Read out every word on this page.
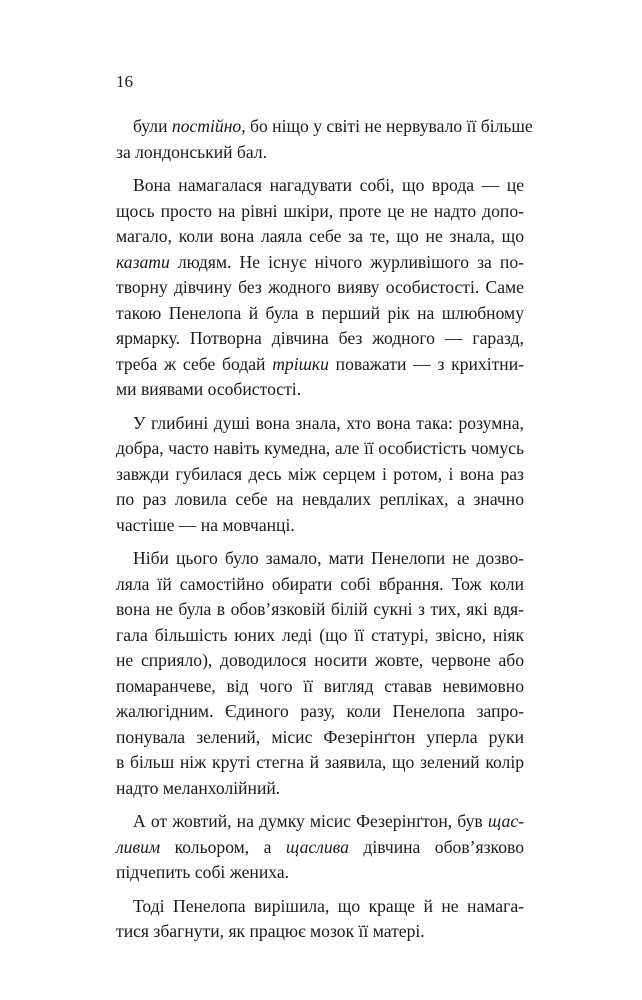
16
були постійно, бо ніщо у світі не нервувало її більше
за лондонський бал.
Вона намагалася нагадувати собі, що врода — це
щось просто на рівні шкіри, проте це не надто допо-
магало, коли вона лаяла себе за те, що не знала, що
казати людям. Не існує нічого журливішого за по-
творну дівчину без жодного вияву особистості. Саме
такою Пенелопа й була в перший рік на шлюбному
ярмарку. Потворна дівчина без жодного — гаразд,
треба ж себе бодай трішки поважати — з крихітни-
ми виявами особистості.
У глибині душі вона знала, хто вона така: розумна,
добра, часто навіть кумедна, але її особистість чомусь
завжди губилася десь між серцем і ротом, і вона раз
по раз ловила себе на невдалих репліках, а значно
частіше — на мовчанці.
Ніби цього було замало, мати Пенелопи не дозво-
ляла їй самостійно обирати собі вбрання. Тож коли
вона не була в обов’язковій білій сукні з тих, які вдя-
гала більшість юних леді (що її статурі, звісно, ніяк
не сприяло), доводилося носити жовте, червоне або
помаранчеве, від чого її вигляд ставав невимовно
жалюгідним. Єдиного разу, коли Пенелопа запро-
понувала зелений, місис Фезерінґтон уперла руки
в більш ніж круті стегна й заявила, що зелений колір
надто меланхолійний.
А от жовтий, на думку місис Фезерінґтон, був щас-
ливим кольором, а щаслива дівчина обов’язково
підчепить собі жениха.
Тоді Пенелопа вирішила, що краще й не намага-
тися збагнути, як працює мозок її матері.
